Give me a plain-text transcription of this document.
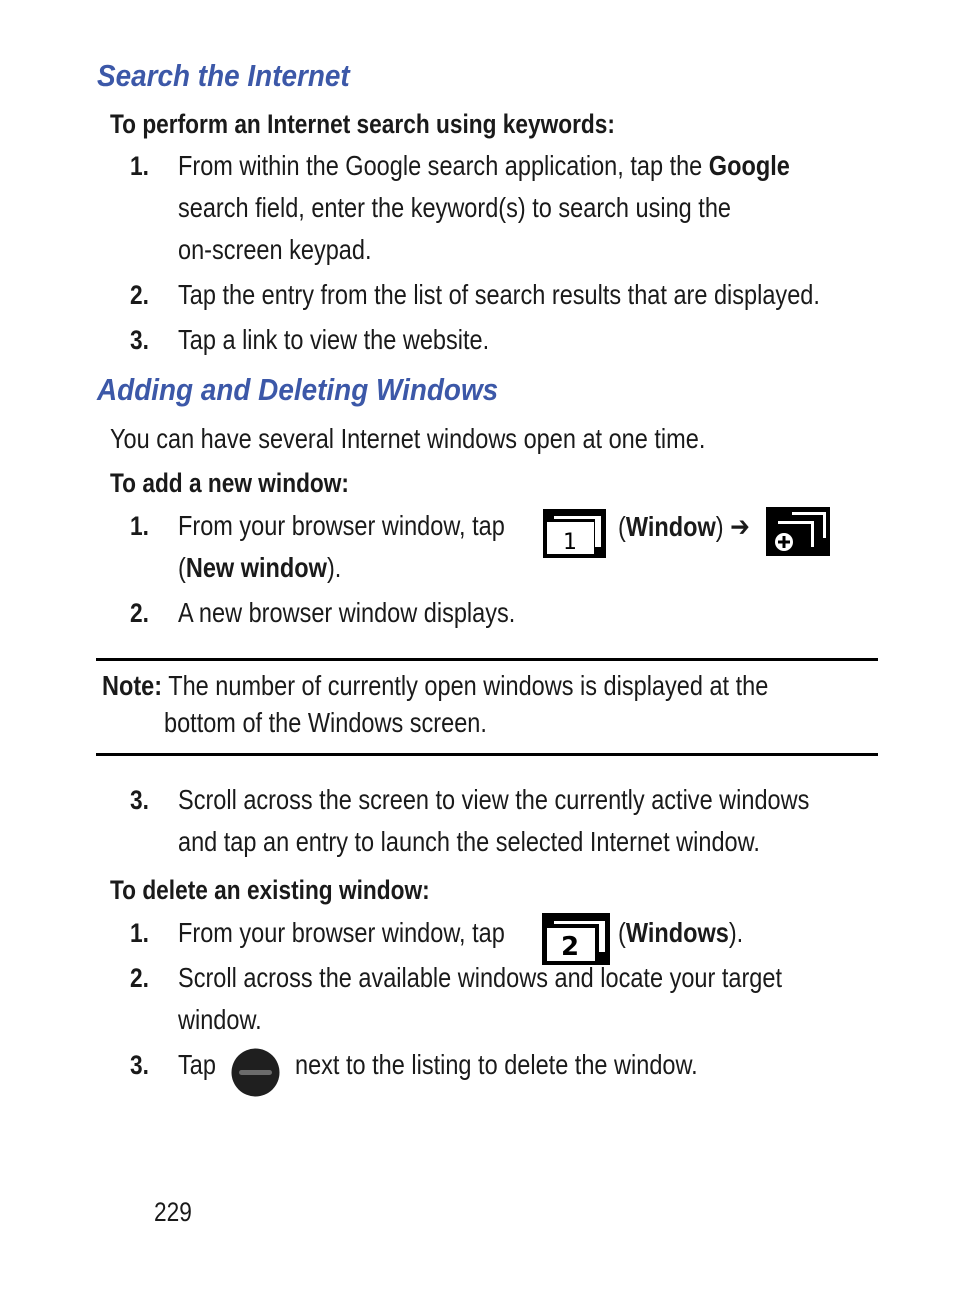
Search the Internet
To perform an Internet search using keywords:
1. From within the Google search application, tap the Google
search field, enter the keyword(s) to search using the
on-screen keypad.
2. Tap the entry from the list of search results that are displayed.
3. Tap a link to view the website.
Adding and Deleting Windows
You can have several Internet windows open at one time.
To add a new window:
1. From your browser window, tap
1
(Window) ➔
(New window).
2. A new browser window displays.
Note: The number of currently open windows is displayed at the
bottom of the Windows screen.
3. Scroll across the screen to view the currently active windows
and tap an entry to launch the selected Internet window.
To delete an existing window:
1. From your browser window, tap	2 (Windows).
2. Scroll across the available windows and locate your target
window.
3. Tap	next to the listing to delete the window.
229
